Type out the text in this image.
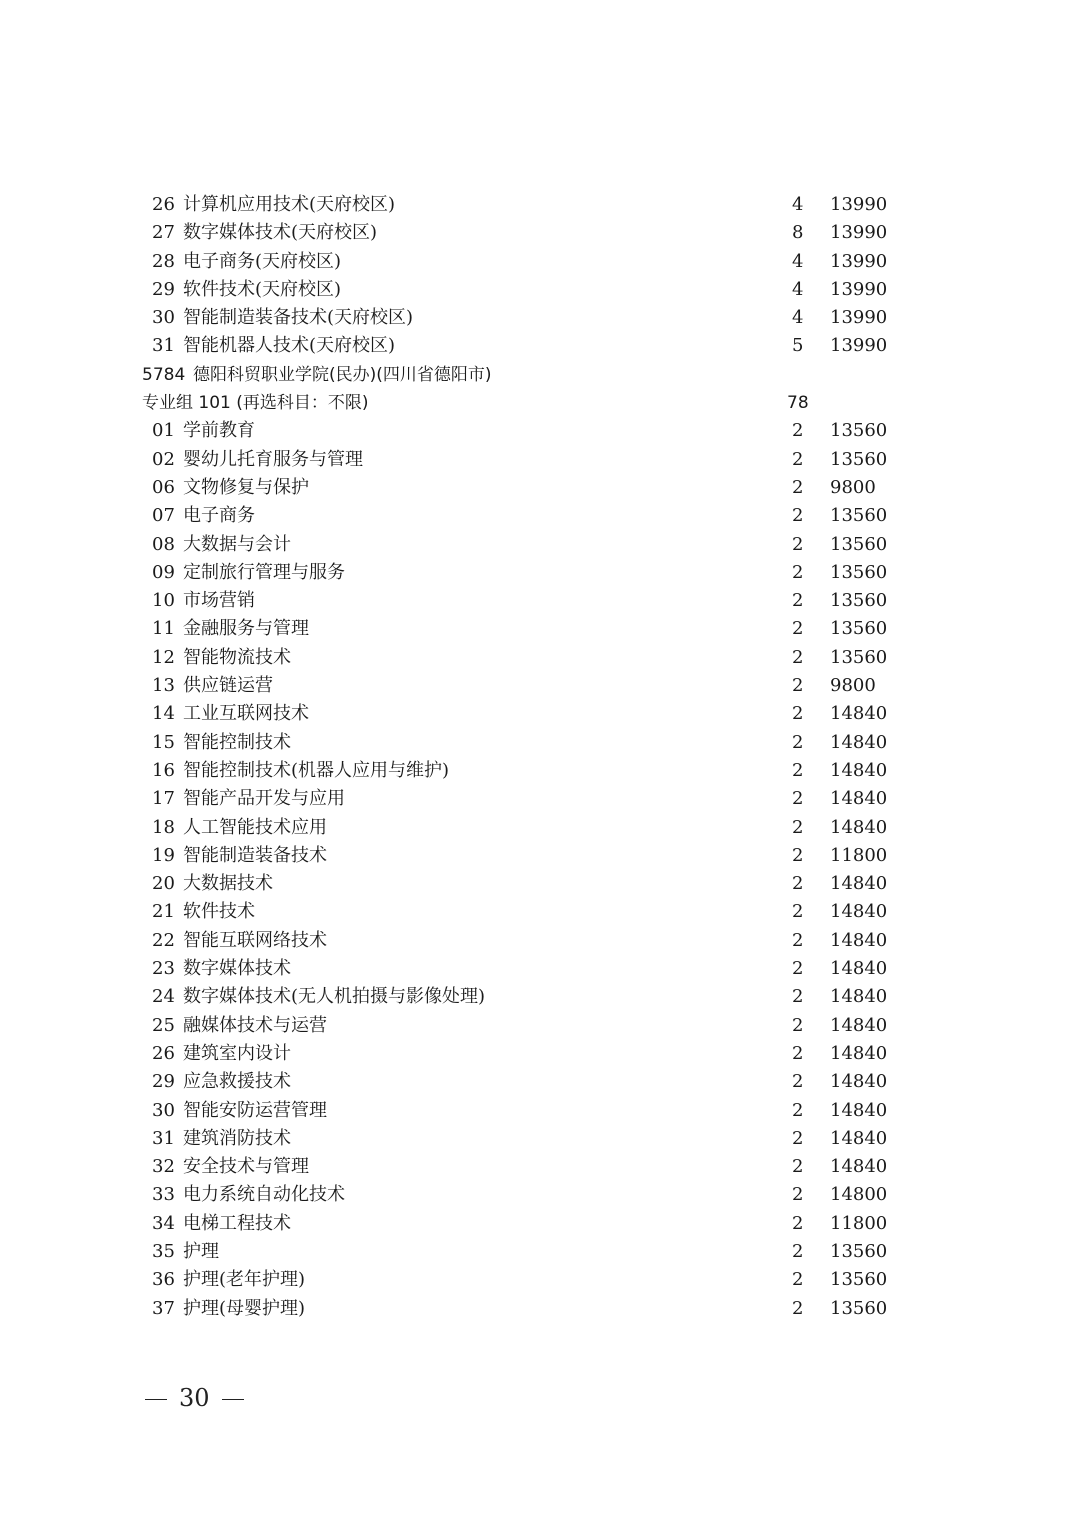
26 计算机应用技术(天府校区)	4	13990
27 数字媒体技术(天府校区)	8	13990
28 电子商务(天府校区)	4	13990
29 软件技术(天府校区)	4	13990
30 智能制造装备技术(天府校区)	4	13990
31 智能机器人技术(天府校区)	5	13990
5784 德阳科贸职业学院(民办)(四川省德阳市)
专业组 101 (再选科目：不限)	78
01 学前教育	2	13560
02 婴幼儿托育服务与管理	2	13560
06 文物修复与保护	2	9800
07 电子商务	2	13560
08 大数据与会计	2	13560
09 定制旅行管理与服务	2	13560
10 市场营销	2	13560
11 金融服务与管理	2	13560
12 智能物流技术	2	13560
13 供应链运营	2	9800
14 工业互联网技术	2	14840
15 智能控制技术	2	14840
16 智能控制技术(机器人应用与维护)	2	14840
17 智能产品开发与应用	2	14840
18 人工智能技术应用	2	14840
19 智能制造装备技术	2	11800
20 大数据技术	2	14840
21 软件技术	2	14840
22 智能互联网络技术	2	14840
23 数字媒体技术	2	14840
24 数字媒体技术(无人机拍摄与影像处理)	2	14840
25 融媒体技术与运营	2	14840
26 建筑室内设计	2	14840
29 应急救援技术	2	14840
30 智能安防运营管理	2	14840
31 建筑消防技术	2	14840
32 安全技术与管理	2	14840
33 电力系统自动化技术	2	14800
34 电梯工程技术	2	11800
35 护理	2	13560
36 护理(老年护理)	2	13560
37 护理(母婴护理)	2	13560
30
